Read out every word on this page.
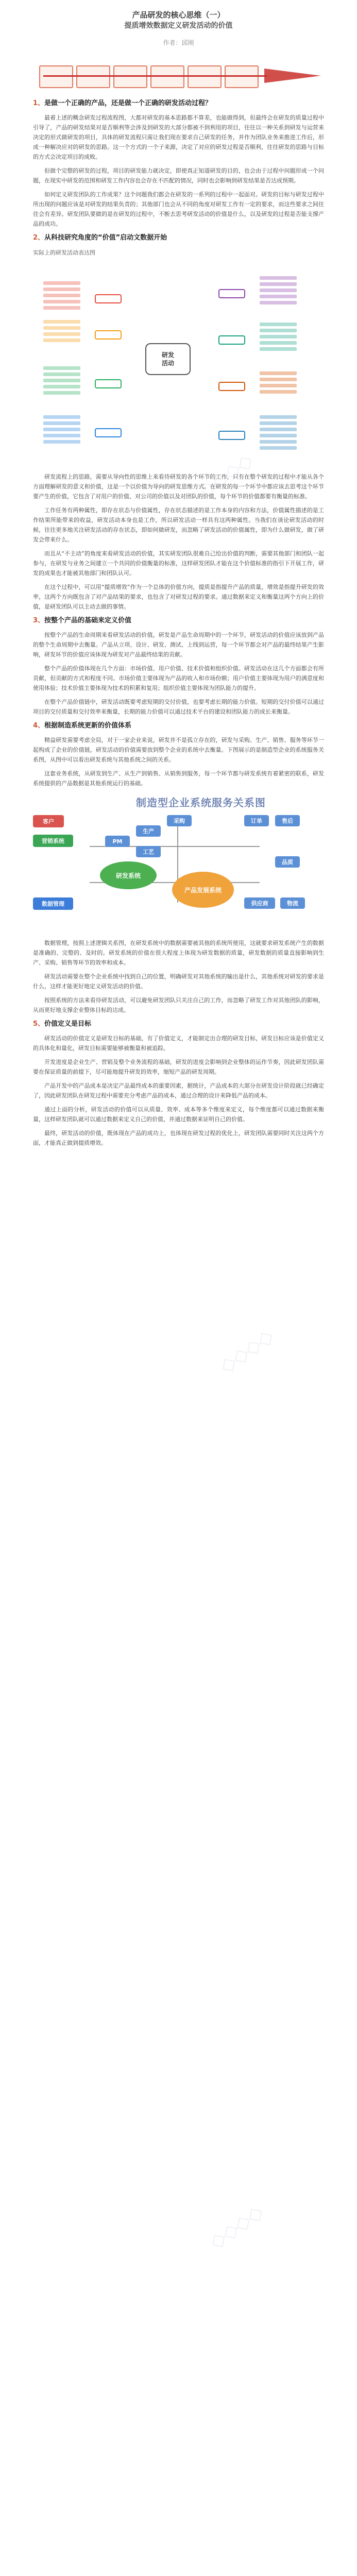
产品研发的核心思维（一）
提质增效数据定义研发活动的价值
作者：邱刚
1、是做一个正确的产品，还是做一个正确的研发活动过程？

最着上述的概念研发过程流程图，大都对研发的基本思路都不算差，也能做得到，但最终会在研发的质量过程中引导了，产品的研发结果对是否顺利等会涉及到研发的大部分都被不到利用的项目，往往以一种关系到研发与运营来决定的形式做研发的项目，具体的研发流程只需让我们现在要求自己研发的任务，并作为团队业务来推进工作后，形成一种解决应对的研发的思路。这一个方式的一个子来源，决定了对应的研发过程是否顺利，往往研发的思路与目标的方式会决定项目的成败。

但做个完整的研发的过程，项目的研发能力就决定，即使真正知道研发的目的，也会由于过程中问题形成一个问题，在现实中研发的范围和研发工作内容也会存在不匹配的情况，同时也会影响到研发结果是否达成预期。

如何定义研发团队的工作成果？这个问题我们都会在研发的一系列的过程中一起面对。研发的目标与研发过程中所出现的问题应该是对研发的结果负责的；其他部门也会从不同的角度对研发工作有一定的要求，而这些要求之间往往会有差异。研发团队要做的是在研发的过程中，不断去思考研发活动的价值是什么，以及研发的过程是否能支撑产品的成功。

2、从科技研究角度的“价值”启动文数据开始
实际上的研发活动表达图
研发
活动

研发流程上的思路，需要从导向性的思维上来看待研发的各个环节的工作，只有在整个研发的过程中才能从各个方面理解研发的意义和价值，这是一个以价值为导向的研发思维方式。在研发的每一个环节中都应该去思考这个环节要产生的价值，它包含了对用户的价值、对公司的价值以及对团队的价值，每个环节的价值都要有衡量的标准。

工作任务有两种属性，即存在状态与价值属性，存在状态描述的是工作本身的内容和方法，价值属性描述的是工作结果所能带来的收益，研发活动本身也是工作，所以研发活动一样具有这两种属性。当我们在谈论研发活动的时候，往往更多地关注研发活动的存在状态，即如何做研发，而忽略了研发活动的价值属性，即为什么做研发，做了研发会带来什么。

而且从“不主动”的角度来看研发活动的价值，其实研发团队很难自己给出价值的判断，需要其他部门和团队一起参与，在研发与业务之间建立一个共同的价值衡量的标准，这样研发团队才能在这个价值标准的指引下开展工作，研发的成果也才能被其他部门和团队认可。

在这个过程中，可以用“提质增效”作为一个总体的价值方向，提质是指提升产品的质量，增效是指提升研发的效率，这两个方向既包含了对产品结果的要求，也包含了对研发过程的要求。通过数据来定义和衡量这两个方向上的价值，是研发团队可以主动去做的事情。

3、按整个产品的基础来定义价值

按整个产品的生命周期来看研发活动的价值，研发是产品生命周期中的一个环节，研发活动的价值应该放到产品的整个生命周期中去衡量。产品从立项、设计、研发、测试、上线到运营，每一个环节都会对产品的最终结果产生影响，研发环节的价值应该体现为研发对产品最终结果的贡献。

整个产品的价值体现在几个方面：市场价值、用户价值、技术价值和组织价值。研发活动在这几个方面都会有所贡献，但贡献的方式和程度不同。市场价值主要体现为产品的收入和市场份额；用户价值主要体现为用户的满意度和使用体验；技术价值主要体现为技术的积累和复用；组织价值主要体现为团队能力的提升。

在整个产品价值链中，研发活动既要考虑短期的交付价值，也要考虑长期的能力价值。短期的交付价值可以通过项目的交付质量和交付效率来衡量，长期的能力价值可以通过技术平台的建设和团队能力的成长来衡量。

4、根据制造系统更新的价值体系

精益研发需要考虑全局，对于一家企业来说，研发并不是孤立存在的，研发与采购、生产、销售、服务等环节一起构成了企业的价值链，研发活动的价值需要放到整个企业的系统中去衡量。下图展示的是制造型企业的系统服务关系图，从图中可以看出研发系统与其他系统之间的关系。

这套业务系统，从研发到生产、从生产到销售、从销售到服务，每一个环节都与研发系统有着紧密的联系，研发系统提供的产品数据是其他系统运行的基础。

制造型企业系统服务关系图
客户
营销系统
数据管理
PM
生产
采购
工艺
研发系统
产品发展系统
订单	售后
品质
供应商	物流

数据管理，按照上述逻辑关系图，在研发系统中的数据需要被其他的系统所使用，这就要求研发系统产生的数据是准确的、完整的、及时的。研发系统的价值在很大程度上体现为研发数据的质量，研发数据的质量直接影响到生产、采购、销售等环节的效率和成本。

研发活动需要在整个企业系统中找到自己的位置，明确研发对其他系统的输出是什么，其他系统对研发的要求是什么，这样才能更好地定义研发活动的价值。

按照系统的方法来看待研发活动，可以避免研发团队只关注自己的工作，而忽略了研发工作对其他团队的影响，从而更好地支撑企业整体目标的达成。

5、价值定义是目标

研发活动的价值定义是研发目标的基础，有了价值定义，才能制定出合理的研发目标，研发目标应该是价值定义的具体化和量化，研发目标需要能够被衡量和被追踪。

开发进度是企业生产、营销及整个业务流程的基础，研发的进度会影响到企业整体的运作节奏，因此研发团队需要在保证质量的前提下，尽可能地提升研发的效率，缩短产品的研发周期。

产品开发中的产品成本是决定产品最终成本的重要因素，据统计，产品成本的大部分在研发设计阶段就已经确定了，因此研发团队在研发过程中需要充分考虑产品的成本，通过合理的设计来降低产品的成本。

通过上面的分析，研发活动的价值可以从质量、效率、成本等多个维度来定义，每个维度都可以通过数据来衡量，这样研发团队就可以通过数据来定义自己的价值，并通过数据来证明自己的价值。

最终，研发活动的价值，既体现在产品的成功上，也体现在研发过程的优化上，研发团队需要同时关注这两个方面，才能真正做到提质增效。

◇◇◇◇
◇◇◇◇
◇◇◇◇
